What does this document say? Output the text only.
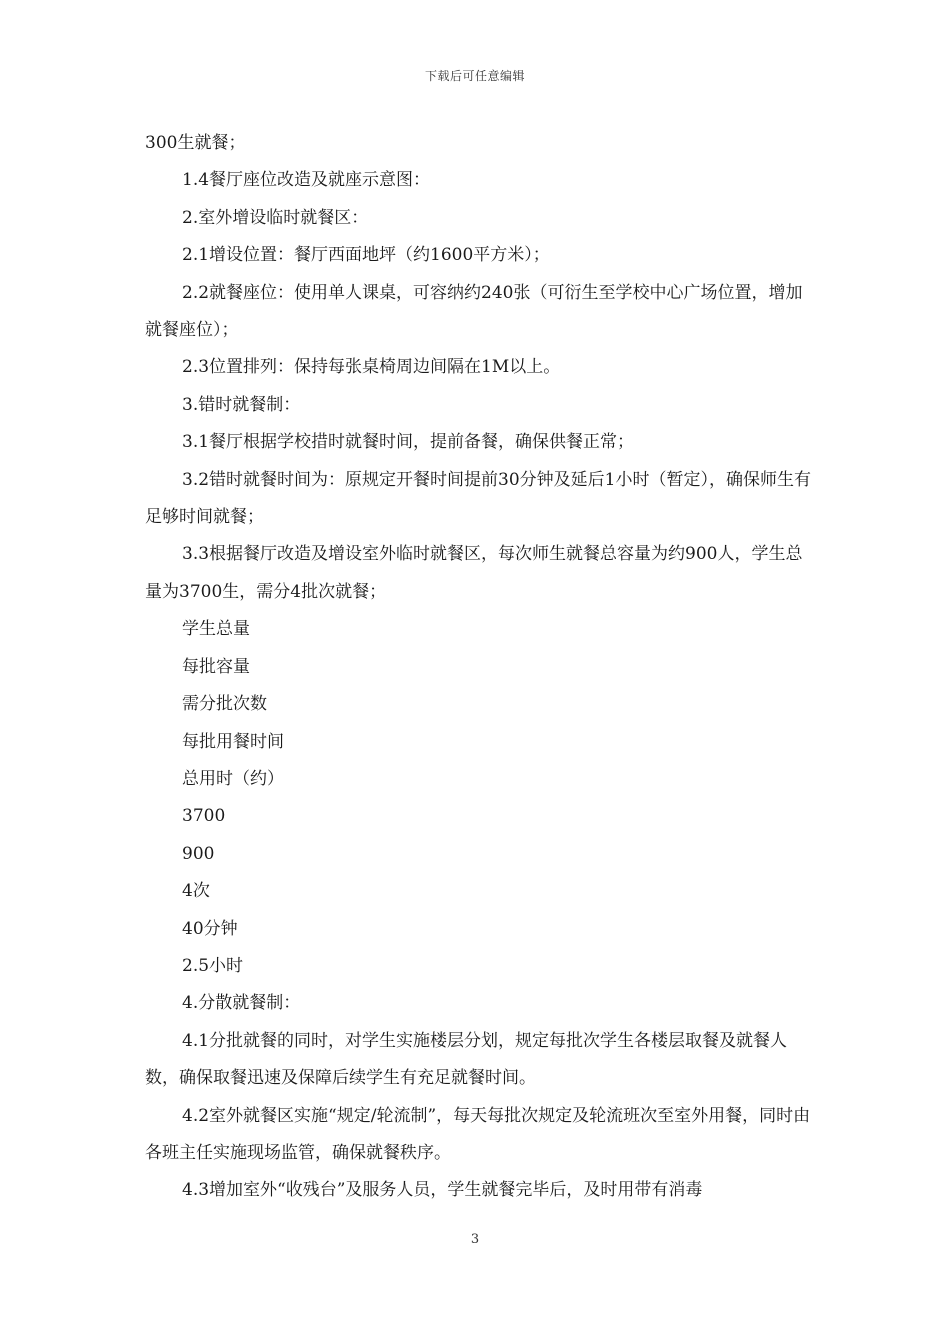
下载后可任意编辑

300生就餐；

1.4餐厅座位改造及就座示意图：

2.室外增设临时就餐区：

2.1增设位置：餐厅西面地坪（约1600平方米）；

2.2就餐座位：使用单人课桌，可容纳约240张（可衍生至学校中心广场位置，增加就餐座位）；

2.3位置排列：保持每张桌椅周边间隔在1M以上。

3.错时就餐制：

3.1餐厅根据学校措时就餐时间，提前备餐，确保供餐正常；

3.2错时就餐时间为：原规定开餐时间提前30分钟及延后1小时（暂定），确保师生有足够时间就餐；

3.3根据餐厅改造及增设室外临时就餐区，每次师生就餐总容量为约900人，学生总量为3700生，需分4批次就餐；

学生总量

每批容量

需分批次数

每批用餐时间

总用时（约）

3700

900

4次

40分钟

2.5小时

4.分散就餐制：

4.1分批就餐的同时，对学生实施楼层分划，规定每批次学生各楼层取餐及就餐人数，确保取餐迅速及保障后续学生有充足就餐时间。

4.2室外就餐区实施“规定/轮流制”，每天每批次规定及轮流班次至室外用餐，同时由各班主任实施现场监管，确保就餐秩序。

4.3增加室外“收残台”及服务人员，学生就餐完毕后，及时用带有消毒

3
